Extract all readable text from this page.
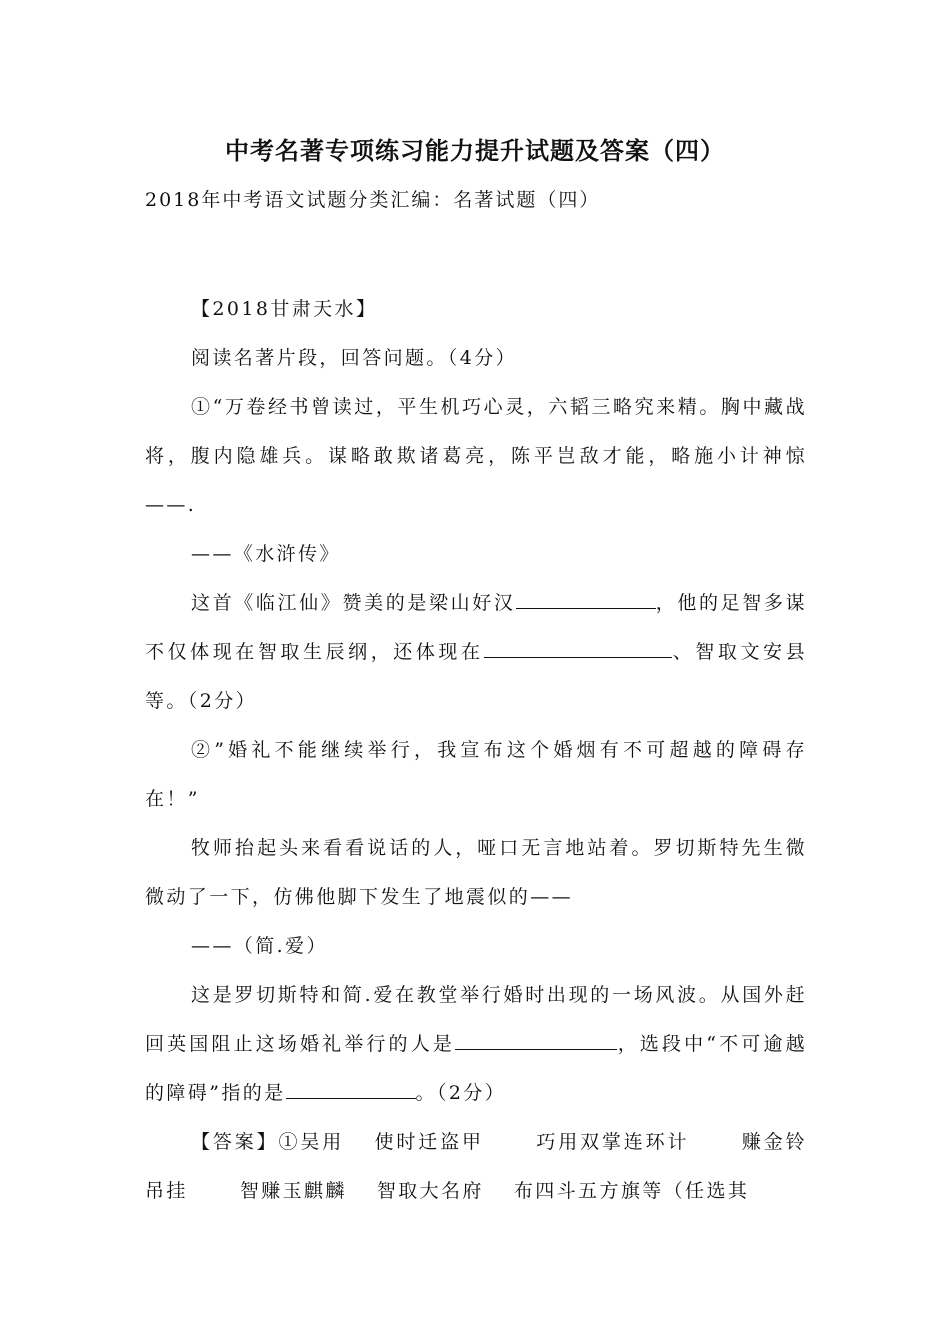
中考名著专项练习能力提升试题及答案（四）
2018年中考语文试题分类汇编：名著试题（四）

【2018甘肃天水】

阅读名著片段，回答问题。（4分）

①“万卷经书曾读过，平生机巧心灵，六韬三略究来精。胸中藏战将，腹内隐雄兵。谋略敢欺诸葛亮，陈平岂敌才能，略施小计神惊——.

——《水浒传》

这首《临江仙》赞美的是梁山好汉	，他的足智多谋不仅体现在智取生辰纲，还体现在	、智取文安县等。（2分）

②”婚礼不能继续举行，我宣布这个婚烟有不可超越的障碍存在！”

牧师抬起头来看看说话的人，哑口无言地站着。罗切斯特先生微微动了一下，仿佛他脚下发生了地震似的——

——（简.爱）

这是罗切斯特和简.爱在教堂举行婚时出现的一场风波。从国外赶回英国阻止这场婚礼举行的人是	，选段中“不可逾越的障碍”指的是	。（2分）

【答案】①吴用 使时迁盗甲	巧用双掌连环计	赚金铃吊挂	智赚玉麒麟 智取大名府 布四斗五方旗等（任选其
